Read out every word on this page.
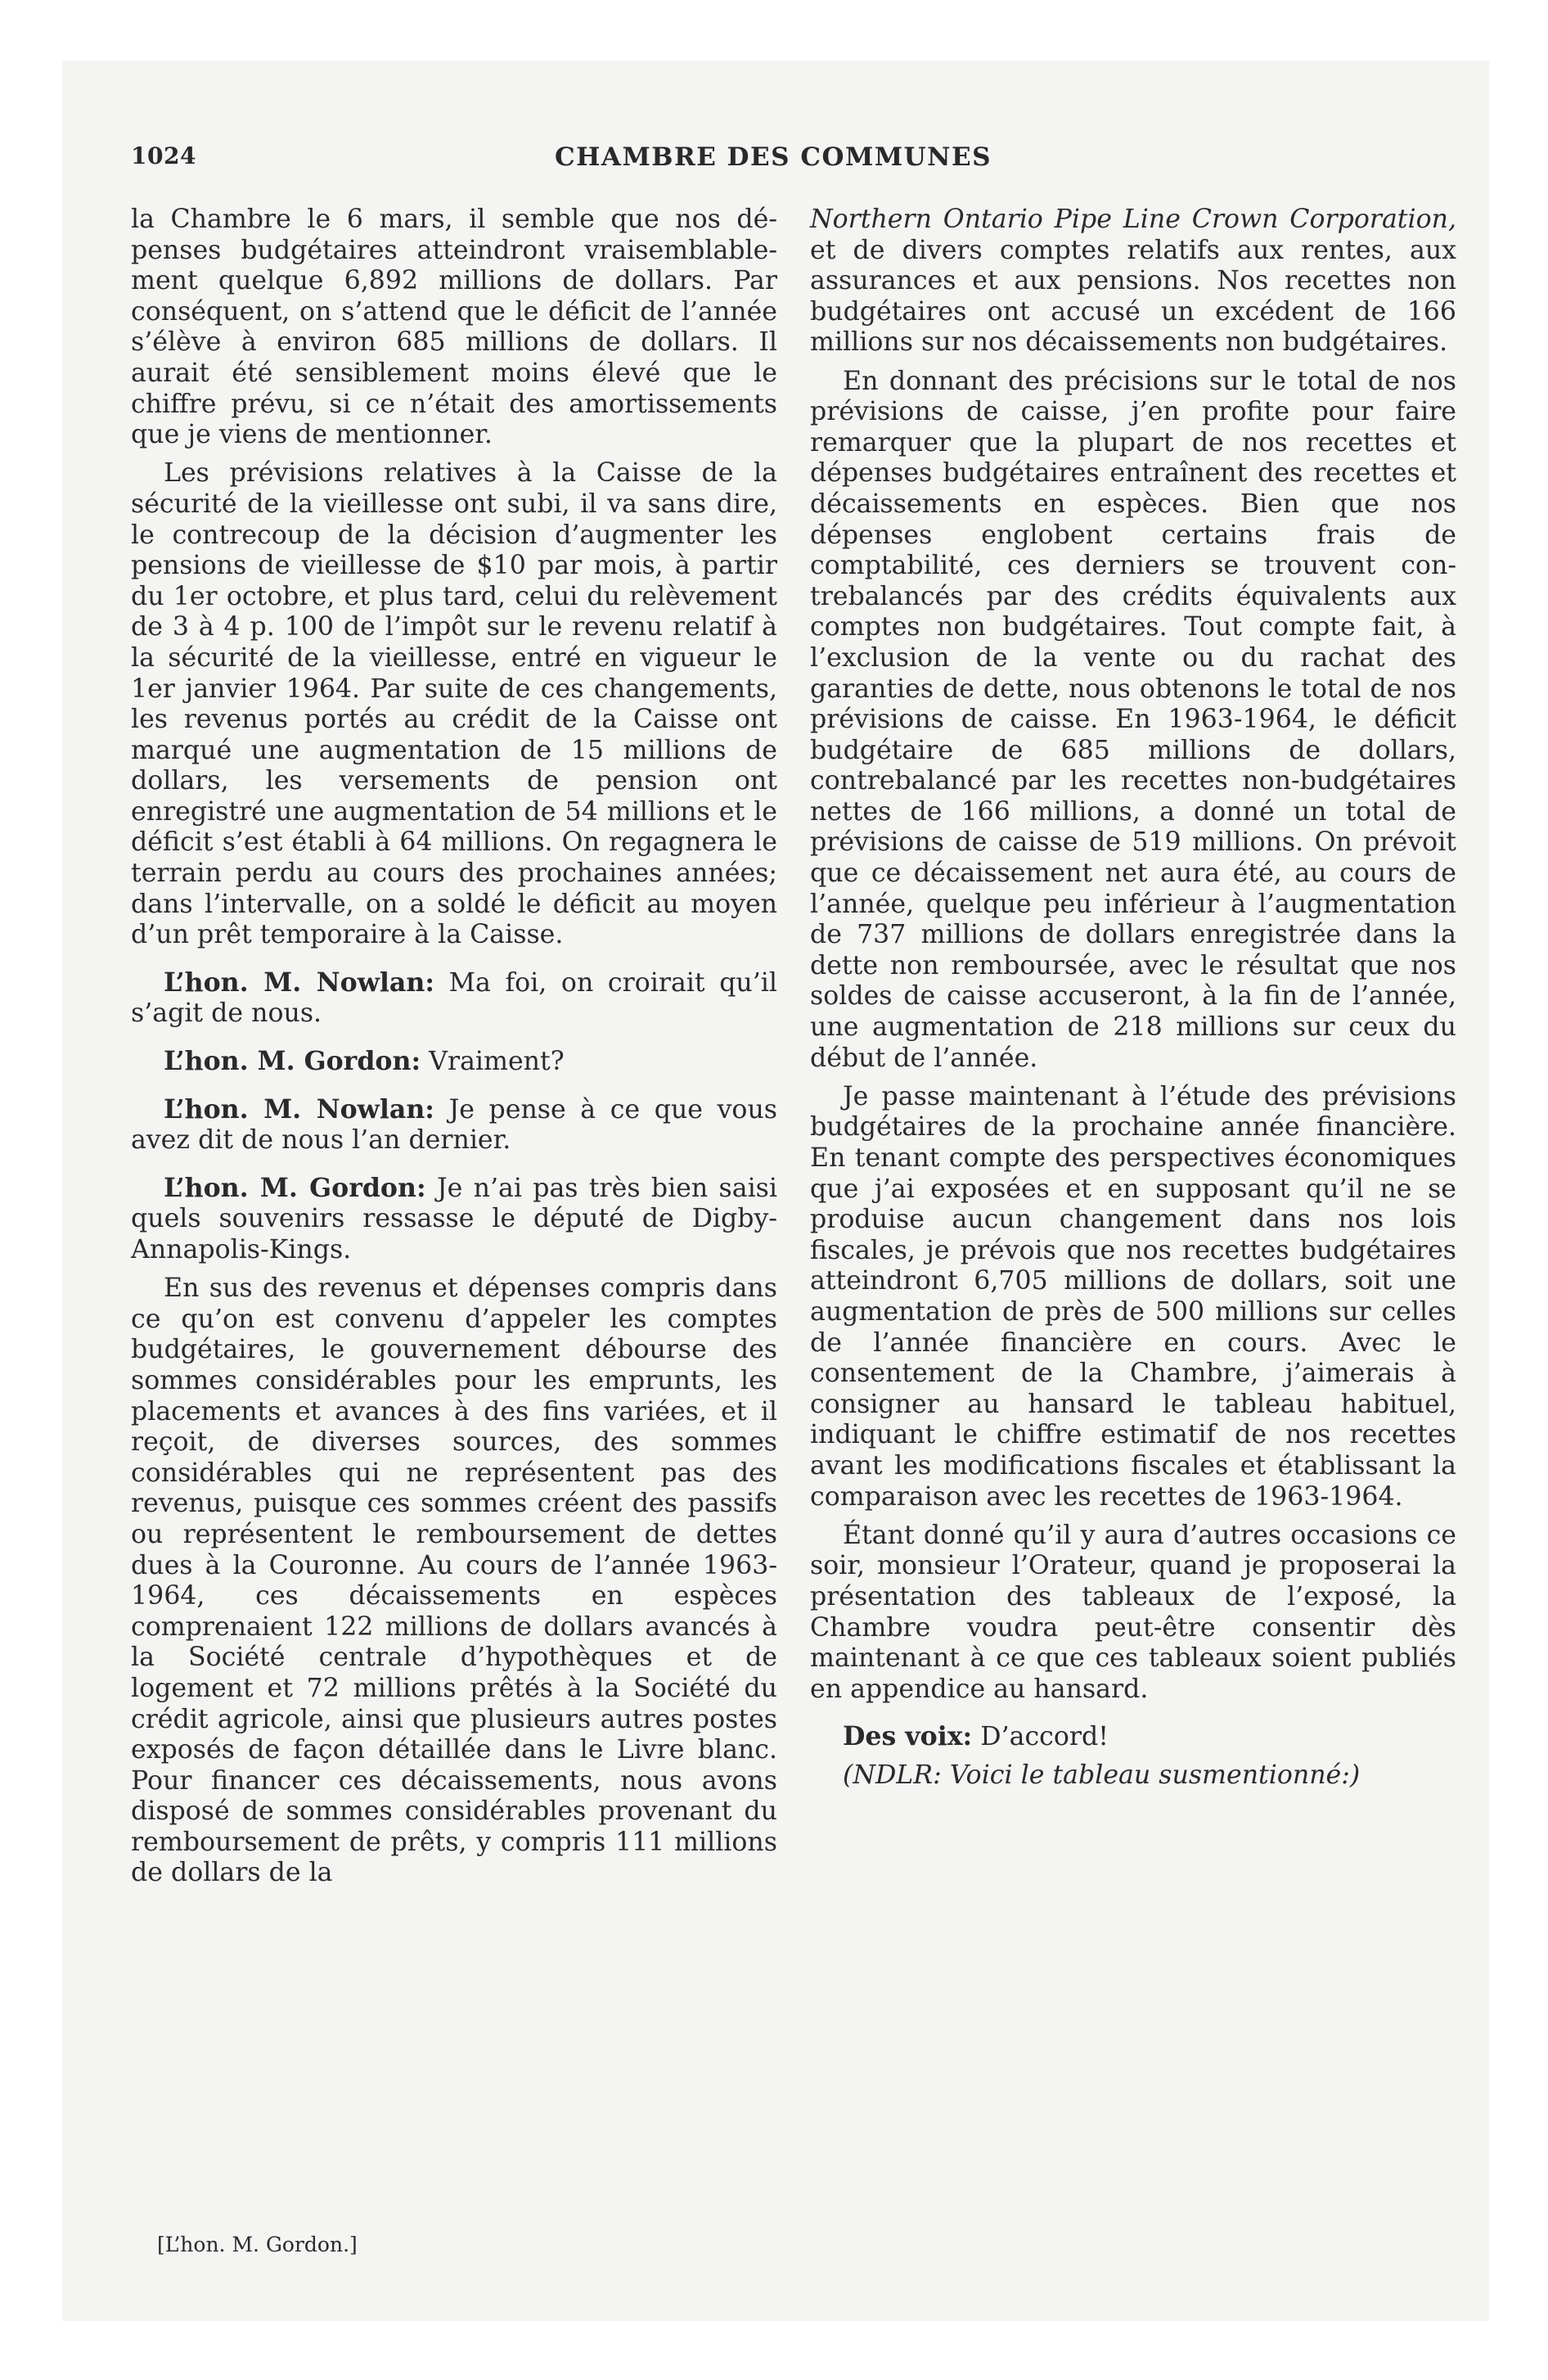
1024	CHAMBRE DES COMMUNES

la Chambre le 6 mars, il semble que nos dépenses budgétaires atteindront vraisemblablement quelque 6,892 millions de dollars. Par conséquent, on s’attend que le déficit de l’année s’élève à environ 685 millions de dollars. Il aurait été sensiblement moins élevé que le chiffre prévu, si ce n’était des amortissements que je viens de mentionner.

Les prévisions relatives à la Caisse de la sécurité de la vieillesse ont subi, il va sans dire, le contrecoup de la décision d’augmenter les pensions de vieillesse de $10 par mois, à partir du 1er octobre, et plus tard, celui du relèvement de 3 à 4 p. 100 de l’impôt sur le revenu relatif à la sécurité de la vieillesse, entré en vigueur le 1er janvier 1964. Par suite de ces changements, les revenus portés au crédit de la Caisse ont marqué une augmentation de 15 millions de dollars, les versements de pension ont enregistré une augmentation de 54 millions et le déficit s’est établi à 64 millions. On regagnera le terrain perdu au cours des prochaines années; dans l’intervalle, on a soldé le déficit au moyen d’un prêt temporaire à la Caisse.

L’hon. M. Nowlan: Ma foi, on croirait qu’il s’agit de nous.

L’hon. M. Gordon: Vraiment?

L’hon. M. Nowlan: Je pense à ce que vous avez dit de nous l’an dernier.

L’hon. M. Gordon: Je n’ai pas très bien saisi quels souvenirs ressasse le député de Digby-Annapolis-Kings.

En sus des revenus et dépenses compris dans ce qu’on est convenu d’appeler les comptes budgétaires, le gouvernement débourse des sommes considérables pour les emprunts, les placements et avances à des fins variées, et il reçoit, de diverses sources, des sommes considérables qui ne représentent pas des revenus, puisque ces sommes créent des passifs ou représentent le remboursement de dettes dues à la Couronne. Au cours de l’année 1963-1964, ces décaissements en espèces comprenaient 122 millions de dollars avancés à la Société centrale d’hypothèques et de logement et 72 millions prêtés à la Société du crédit agricole, ainsi que plusieurs autres postes exposés de façon détaillée dans le Livre blanc. Pour financer ces décaissements, nous avons disposé de sommes considérables provenant du remboursement de prêts, y compris 111 millions de dollars de la

Northern Ontario Pipe Line Crown Corporation, et de divers comptes relatifs aux rentes, aux assurances et aux pensions. Nos recettes non budgétaires ont accusé un excédent de 166 millions sur nos décaissements non budgétaires.

En donnant des précisions sur le total de nos prévisions de caisse, j’en profite pour faire remarquer que la plupart de nos recettes et dépenses budgétaires entraînent des recettes et décaissements en espèces. Bien que nos dépenses englobent certains frais de comptabilité, ces derniers se trouvent contrebalancés par des crédits équivalents aux comptes non budgétaires. Tout compte fait, à l’exclusion de la vente ou du rachat des garanties de dette, nous obtenons le total de nos prévisions de caisse. En 1963-1964, le déficit budgétaire de 685 millions de dollars, contrebalancé par les recettes non-budgétaires nettes de 166 millions, a donné un total de prévisions de caisse de 519 millions. On prévoit que ce décaissement net aura été, au cours de l’année, quelque peu inférieur à l’augmentation de 737 millions de dollars enregistrée dans la dette non remboursée, avec le résultat que nos soldes de caisse accuseront, à la fin de l’année, une augmentation de 218 millions sur ceux du début de l’année.

Je passe maintenant à l’étude des prévisions budgétaires de la prochaine année financière. En tenant compte des perspectives économiques que j’ai exposées et en supposant qu’il ne se produise aucun changement dans nos lois fiscales, je prévois que nos recettes budgétaires atteindront 6,705 millions de dollars, soit une augmentation de près de 500 millions sur celles de l’année financière en cours. Avec le consentement de la Chambre, j’aimerais à consigner au hansard le tableau habituel, indiquant le chiffre estimatif de nos recettes avant les modifications fiscales et établissant la comparaison avec les recettes de 1963-1964.

Étant donné qu’il y aura d’autres occasions ce soir, monsieur l’Orateur, quand je proposerai la présentation des tableaux de l’exposé, la Chambre voudra peut-être consentir dès maintenant à ce que ces tableaux soient publiés en appendice au hansard.

Des voix: D’accord!

(NDLR: Voici le tableau susmentionné:)

[L’hon. M. Gordon.]
